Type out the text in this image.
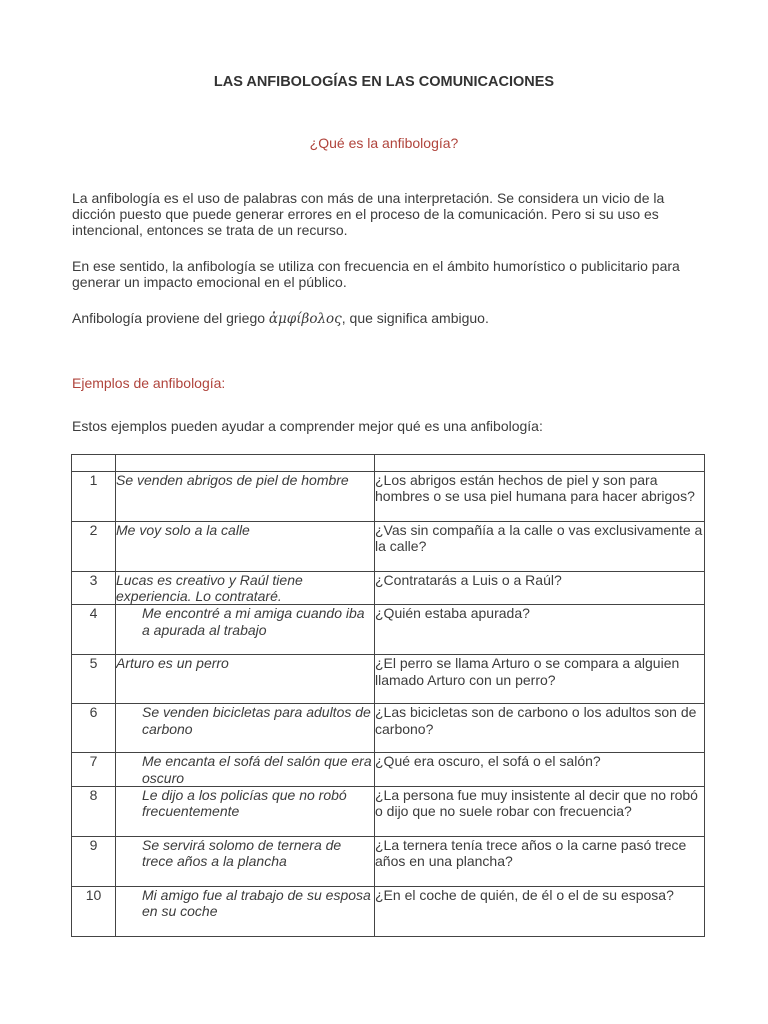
LAS ANFIBOLOGÍAS EN LAS COMUNICACIONES
¿Qué es la anfibología?

La anfibología es el uso de palabras con más de una interpretación. Se considera un vicio de la dicción puesto que puede generar errores en el proceso de la comunicación. Pero si su uso es intencional, entonces se trata de un recurso.

En ese sentido, la anfibología se utiliza con frecuencia en el ámbito humorístico o publicitario para generar un impacto emocional en el público.

Anfibología proviene del griego ἀμφίβολος, que significa ambiguo.

Ejemplos de anfibología:

Estos ejemplos pueden ayudar a comprender mejor qué es una anfibología:

1	Se venden abrigos de piel de hombre	¿Los abrigos están hechos de piel y son para hombres o se usa piel humana para hacer abrigos?
2	Me voy solo a la calle	¿Vas sin compañía a la calle o vas exclusivamente a la calle?
3	Lucas es creativo y Raúl tiene experiencia. Lo contrataré.	¿Contratarás a Luis o a Raúl?
4	Me encontré a mi amiga cuando iba a apurada al trabajo	¿Quién estaba apurada?
5	Arturo es un perro	¿El perro se llama Arturo o se compara a alguien llamado Arturo con un perro?
6	Se venden bicicletas para adultos de carbono	¿Las bicicletas son de carbono o los adultos son de carbono?
7	Me encanta el sofá del salón que era oscuro	¿Qué era oscuro, el sofá o el salón?
8	Le dijo a los policías que no robó frecuentemente	¿La persona fue muy insistente al decir que no robó o dijo que no suele robar con frecuencia?
9	Se servirá solomo de ternera de trece años a la plancha	¿La ternera tenía trece años o la carne pasó trece años en una plancha?
10	Mi amigo fue al trabajo de su esposa en su coche	¿En el coche de quién, de él o el de su esposa?
